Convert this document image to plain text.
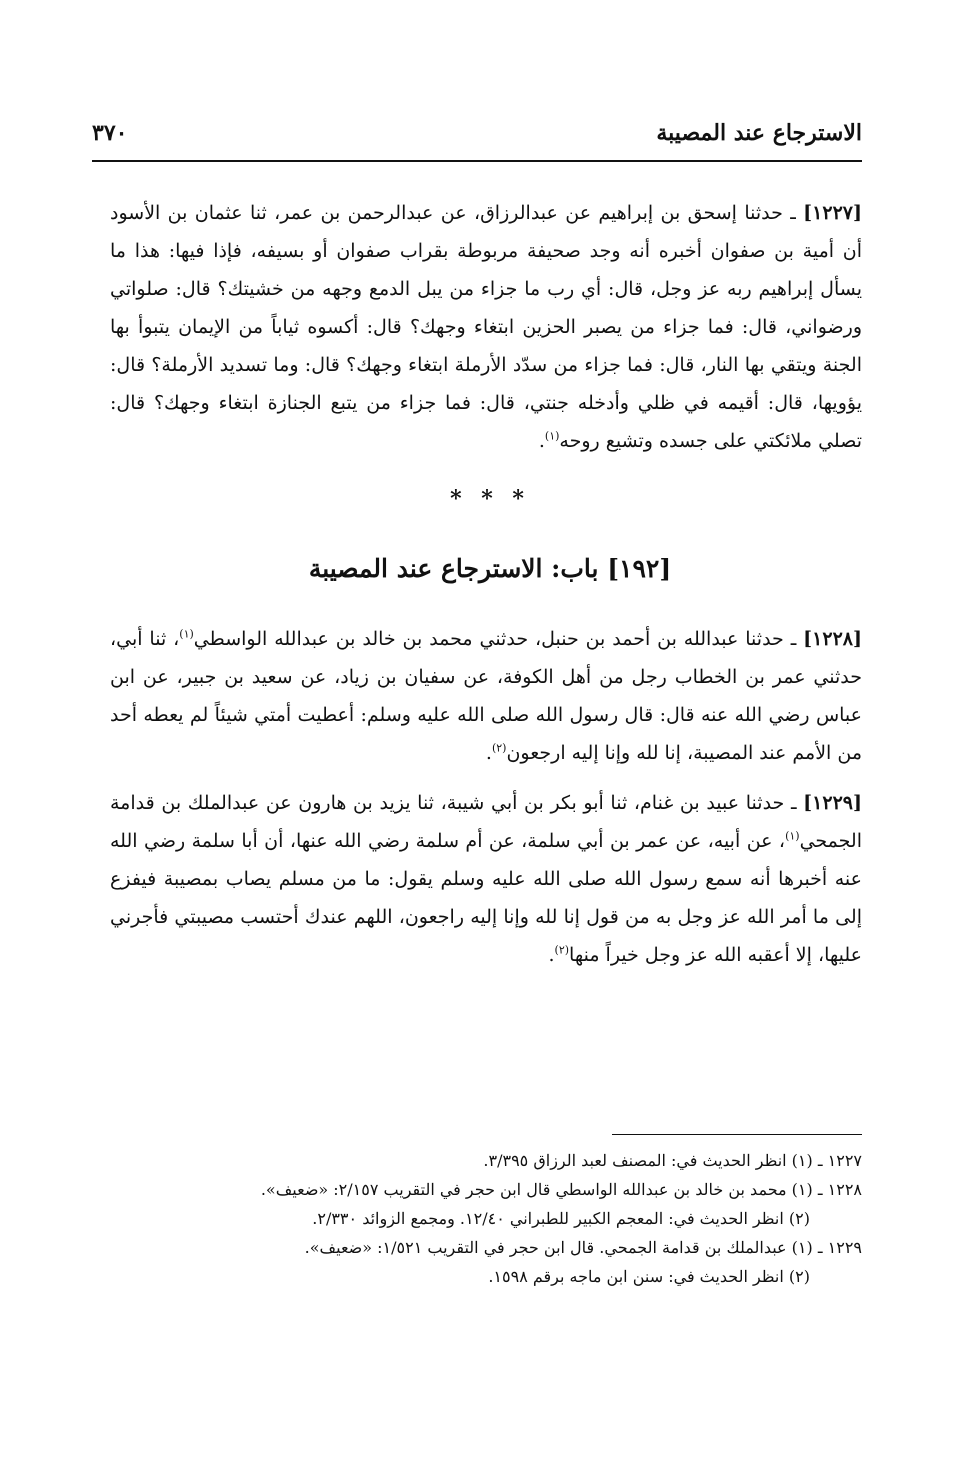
الاسترجاع عند المصيبة
٣٧٠

[١٢٢٧] ـ حدثنا إسحق بن إبراهيم عن عبدالرزاق، عن عبدالرحمن بن عمر، ثنا عثمان بن الأسود أن أمية بن صفوان أخبره أنه وجد صحيفة مربوطة بقراب صفوان أو بسيفه، فإذا فيها: هذا ما يسأل إبراهيم ربه عز وجل، قال: أي رب ما جزاء من يبل الدمع وجهه من خشيتك؟ قال: صلواتي ورضواني، قال: فما جزاء من يصبر الحزين ابتغاء وجهك؟ قال: أكسوه ثياباً من الإيمان يتبوأ بها الجنة ويتقي بها النار، قال: فما جزاء من سدّد الأرملة ابتغاء وجهك؟ قال: وما تسديد الأرملة؟ قال: يؤويها، قال: أقيمه في ظلي وأدخله جنتي، قال: فما جزاء من يتبع الجنازة ابتغاء وجهك؟ قال: تصلي ملائكتي على جسده وتشيع روحه$^{(١)}$.

* * *
[١٩٢] باب: الاسترجاع عند المصيبة

[١٢٢٨] ـ حدثنا عبدالله بن أحمد بن حنبل، حدثني محمد بن خالد بن عبدالله الواسطي$^{(١)}$، ثنا أبي، حدثني عمر بن الخطاب رجل من أهل الكوفة، عن سفيان بن زياد، عن سعيد بن جبير، عن ابن عباس رضي الله عنه قال: قال رسول الله صلى الله عليه وسلم: أعطيت أمتي شيئاً لم يعطه أحد من الأمم عند المصيبة، إنا لله وإنا إليه ارجعون$^{(٢)}$.

[١٢٢٩] ـ حدثنا عبيد بن غنام، ثنا أبو بكر بن أبي شيبة، ثنا يزيد بن هارون عن عبدالملك بن قدامة الجمحي$^{(١)}$، عن أبيه، عن عمر بن أبي سلمة، عن أم سلمة رضي الله عنها، أن أبا سلمة رضي الله عنه أخبرها أنه سمع رسول الله صلى الله عليه وسلم يقول: ما من مسلم يصاب بمصيبة فيفزع إلى ما أمر الله عز وجل به من قول إنا لله وإنا إليه راجعون، اللهم عندك أحتسب مصيبتي فأجرني عليها، إلا أعقبه الله عز وجل خيراً منها$^{(٢)}$.

١٢٢٧ ـ (١) انظر الحديث في: المصنف لعبد الرزاق ٣/٣٩٥.
١٢٢٨ ـ (١) محمد بن خالد بن عبدالله الواسطي قال ابن حجر في التقريب ٢/١٥٧: «ضعيف».
(٢) انظر الحديث في: المعجم الكبير للطبراني ١٢/٤٠. ومجمع الزوائد ٢/٣٣٠.
١٢٢٩ ـ (١) عبدالملك بن قدامة الجمحي. قال ابن حجر في التقريب ١/٥٢١: «ضعيف».
(٢) انظر الحديث في: سنن ابن ماجه برقم ١٥٩٨.
